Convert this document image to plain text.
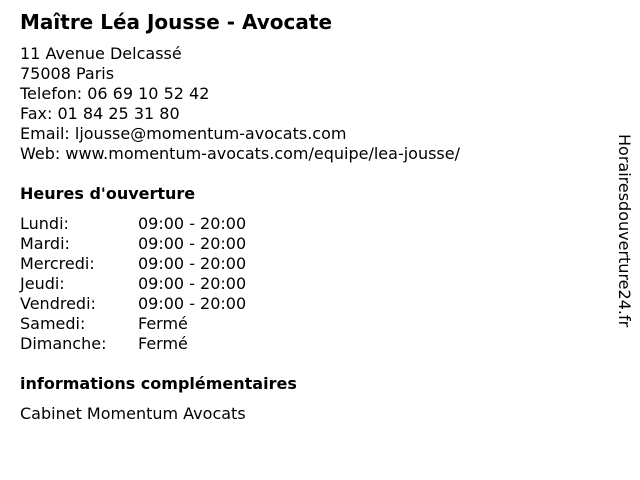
Maître Léa Jousse - Avocate
11 Avenue Delcassé
75008 Paris
Telefon: 06 69 10 52 42
Fax: 01 84 25 31 80
Email: ljousse@momentum-avocats.com
Web: www.momentum-avocats.com/equipe/lea-jousse/
Heures d'ouverture
Lundi:	09:00 - 20:00
Mardi:	09:00 - 20:00
Mercredi:	09:00 - 20:00
Jeudi:	09:00 - 20:00
Vendredi:	09:00 - 20:00
Samedi:	Fermé
Dimanche: Fermé
informations complémentaires
Cabinet Momentum Avocats
Horairesdouverture24.fr
